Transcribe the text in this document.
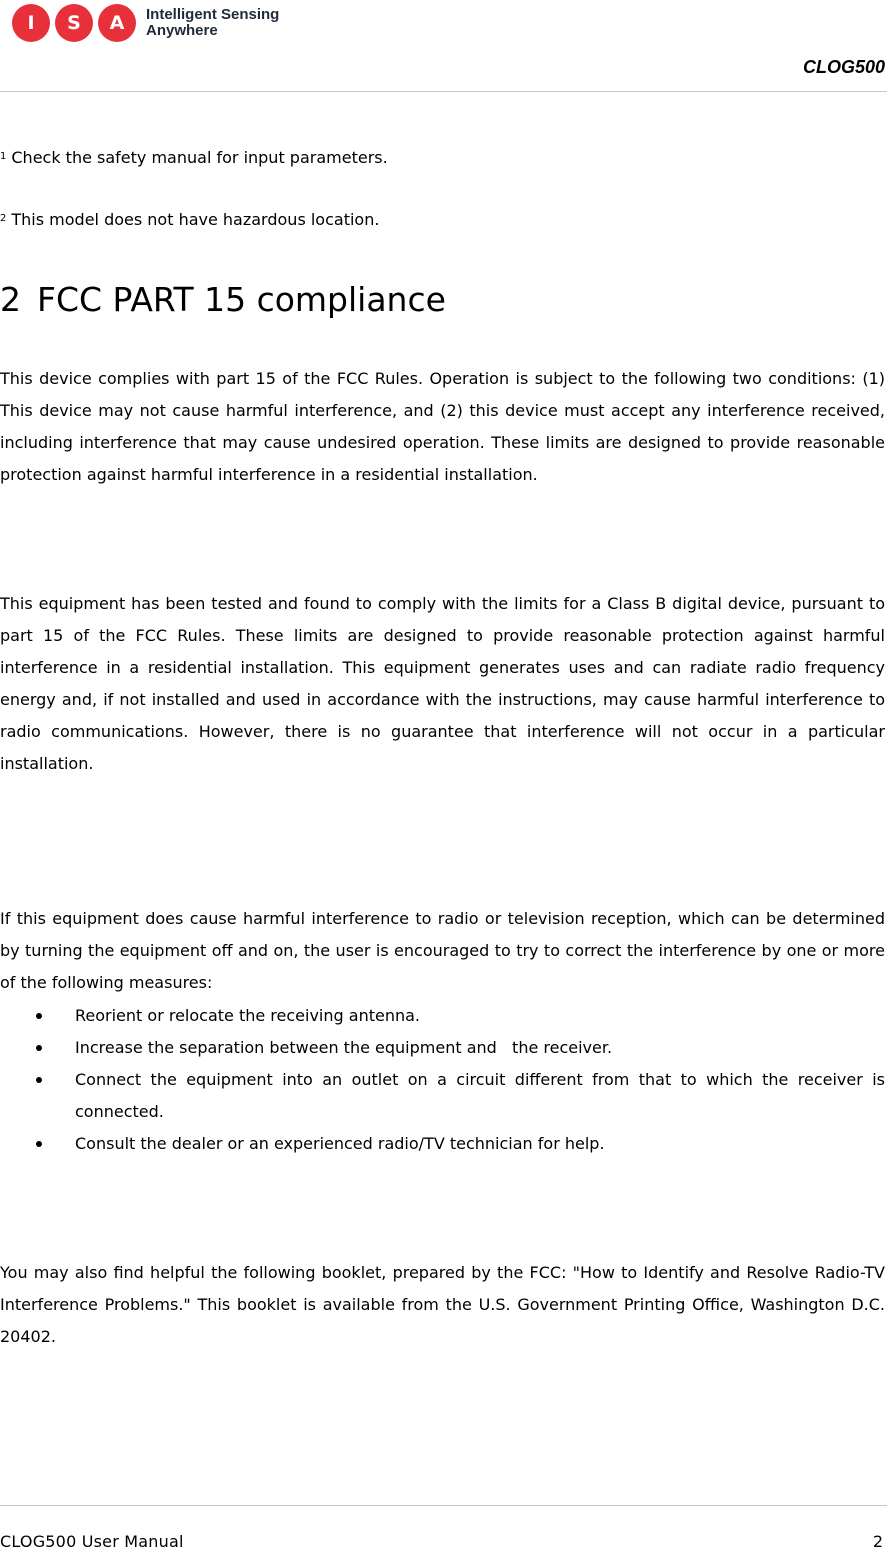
I	S	A	Intelligent Sensing
Anywhere
CLOG500

$^1$ Check the safety manual for input parameters.

$^2$ This model does not have hazardous location.

2 FCC PART 15 compliance

This device complies with part 15 of the FCC Rules. Operation is subject to the following two conditions: (1) This device may not cause harmful interference, and (2) this device must accept any interference received, including interference that may cause undesired operation. These limits are designed to provide reasonable protection against harmful interference in a residential installation.

This equipment has been tested and found to comply with the limits for a Class B digital device, pursuant to part 15 of the FCC Rules. These limits are designed to provide reasonable protection against harmful interference in a residential installation. This equipment generates uses and can radiate radio frequency energy and, if not installed and used in accordance with the instructions, may cause harmful interference to radio communications. However, there is no guarantee that interference will not occur in a particular installation.

If this equipment does cause harmful interference to radio or television reception, which can be determined by turning the equipment off and on, the user is encouraged to try to correct the interference by one or more of the following measures:

Reorient or relocate the receiving antenna.
Increase the separation between the equipment and   the receiver.
Connect the equipment into an outlet on a circuit different from that to which the receiver is connected.
Consult the dealer or an experienced radio/TV technician for help.

You may also find helpful the following booklet, prepared by the FCC: "How to Identify and Resolve Radio-TV Interference Problems." This booklet is available from the U.S. Government Printing Office, Washington D.C. 20402.

CLOG500 User Manual	2
